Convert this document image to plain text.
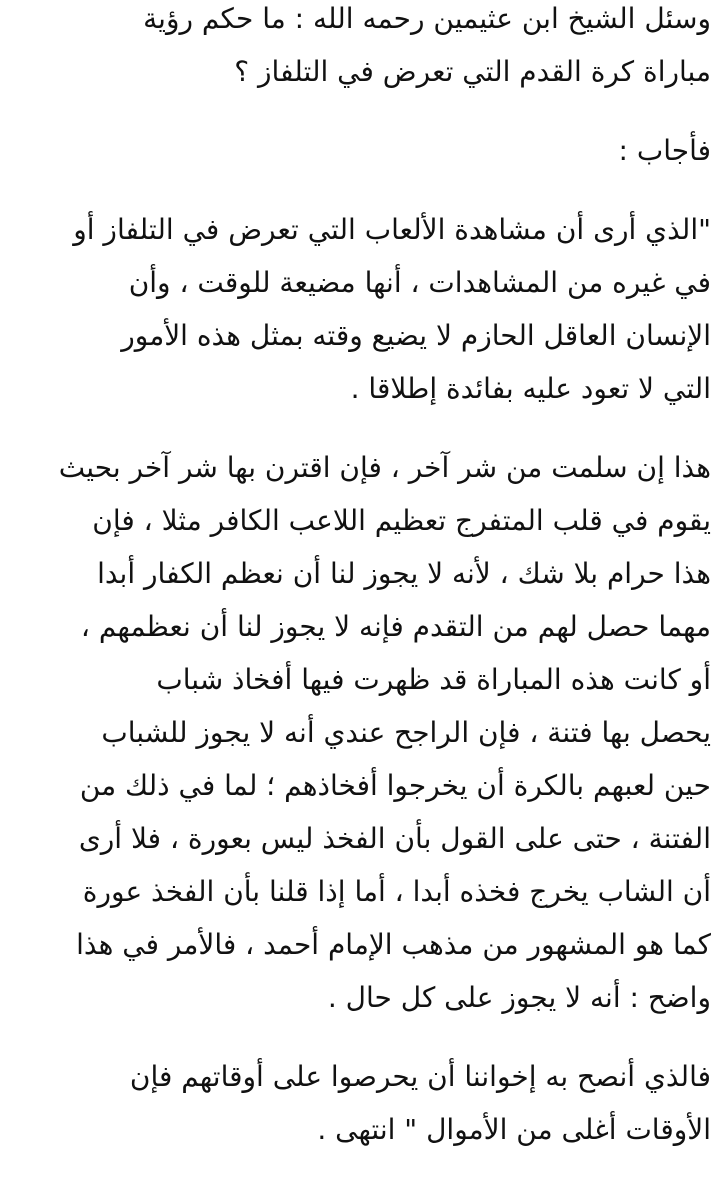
وسئل الشيخ ابن عثيمين رحمه الله : ما حكم رؤية
مباراة كرة القدم التي تعرض في التلفاز ؟
فأجاب :
"الذي أرى أن مشاهدة الألعاب التي تعرض في التلفاز أو
في غيره من المشاهدات ، أنها مضيعة للوقت ، وأن
الإنسان العاقل الحازم لا يضيع وقته بمثل هذه الأمور
التي لا تعود عليه بفائدة إطلاقا .
هذا إن سلمت من شر آخر ، فإن اقترن بها شر آخر بحيث
يقوم في قلب المتفرج تعظيم اللاعب الكافر مثلا ، فإن
هذا حرام بلا شك ، لأنه لا يجوز لنا أن نعظم الكفار أبدا
مهما حصل لهم من التقدم فإنه لا يجوز لنا أن نعظمهم ،
أو كانت هذه المباراة قد ظهرت فيها أفخاذ شباب
يحصل بها فتنة ، فإن الراجح عندي أنه لا يجوز للشباب
حين لعبهم بالكرة أن يخرجوا أفخاذهم ؛ لما في ذلك من
الفتنة ، حتى على القول بأن الفخذ ليس بعورة ، فلا أرى
أن الشاب يخرج فخذه أبدا ، أما إذا قلنا بأن الفخذ عورة
كما هو المشهور من مذهب الإمام أحمد ، فالأمر في هذا
واضح : أنه لا يجوز على كل حال .
فالذي أنصح به إخواننا أن يحرصوا على أوقاتهم فإن
الأوقات أغلى من الأموال " انتهى .
